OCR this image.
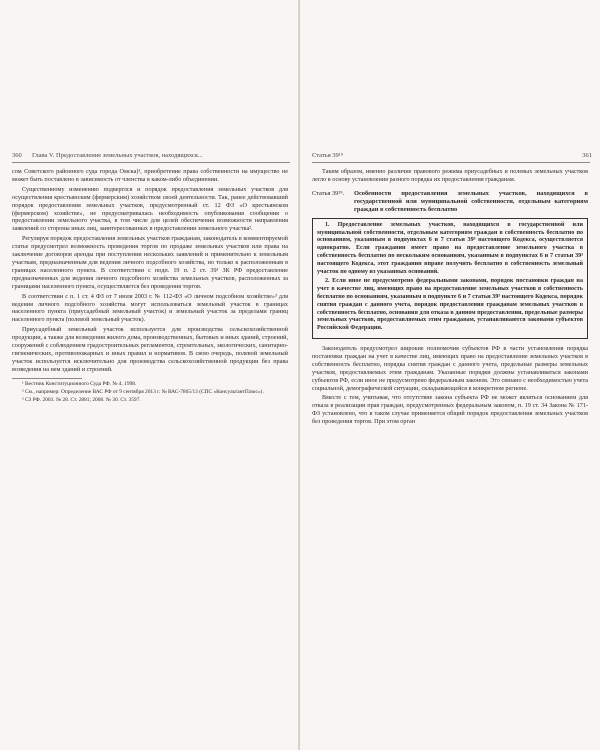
360 Глава V. Предоставление земельных участков, находящихся...

сом Советского районного суда города Омска)¹, приобретение права собственности на имущество не может быть поставлено в зависимость от членства в каком-либо объединении.

Существенному изменению подверглся и порядок предоставления земельных участков для осуществления крестьянским (фермерским) хозяйством своей деятельности. Так, ранее действовавший порядок предоставления земельных участков, предусмотренный ст. 12 ФЗ «О крестьянском (фермерском) хозяйстве», не предусматривалась необходимость опубликования сообщения о предоставлении земельного участка, в том числе для целей обеспечения возможности направления заявлений со стороны иных лиц, заинтересованных в предоставлении земельного участка².

Регулируя порядок предоставления земельных участков гражданам, законодатель в комментируемой статье предусмотрел возможность проведения торгов по продаже земельных участков или права на заключение договоров аренды при поступлении нескольких заявлений и применительно к земельным участкам, предназначенным для ведения личного подсобного хозяйства, но только к расположенным в границах населенного пункта. В соответствии с подп. 19 п. 2 ст. 39¹ ЗК РФ предоставление предназначенных для ведения личного подсобного хозяйства земельных участков, расположенных за границами населенного пункта, осуществляется без проведения торгов.

В соответствии с п. 1 ст. 4 ФЗ от 7 июля 2003 г. № 112-ФЗ «О личном подсобном хозяйстве»³ для ведения личного подсобного хозяйства могут использоваться земельный участок в границах населенного пункта (приусадебный земельный участок) и земельный участок за пределами границ населенного пункта (полевой земельный участок).

Приусадебный земельный участок используется для производства сельскохозяйственной продукции, а также для возведения жилого дома, производственных, бытовых и иных зданий, строений, сооружений с соблюдением градостроительных регламентов, строительных, экологических, санитарно-гигиенических, противопожарных и иных правил и нормативов. В свою очередь, полевой земельный участок используется исключительно для производства сельскохозяйственной продукции без права возведения на нем зданий и строений.

¹ Вестник Конституционного Суда РФ. № 4. 1998.

² См., например: Определение ВАС РФ от 9 сентября 2013 г. № ВАС-7865/13 (СПС «КонсультантПлюс»).

³ СЗ РФ. 2003. № 28. Ст. 2881; 2008. № 30. Ст. 3597.

Статья 39¹⁹	361

Таким образом, именно различие правового режима приусадебных и полевых земельных участков легло в основу установления разного порядка их предоставления гражданам.

Статья 39¹⁹.	Особенности предоставления земельных участков, находящихся в государственной или муниципальной собственности, отдельным категориям граждан в собственность бесплатно

1. Предоставление земельных участков, находящихся в государственной или муниципальной собственности, отдельным категориям граждан в собственность бесплатно по основаниям, указанным в подпунктах 6 и 7 статьи 39³ настоящего Кодекса, осуществляется однократно. Если гражданин имеет право на предоставление земельного участка в собственность бесплатно по нескольким основаниям, указанным в подпунктах 6 и 7 статьи 39³ настоящего Кодекса, этот гражданин вправе получить бесплатно в собственность земельный участок по одному из указанных оснований.

2. Если иное не предусмотрено федеральными законами, порядок постановки граждан на учет в качестве лиц, имеющих право на предоставление земельных участков в собственность бесплатно по основаниям, указанным в подпункте 6 и 7 статьи 39³ настоящего Кодекса, порядок снятия граждан с данного учета, порядок предоставления гражданам земельных участков в собственность бесплатно, основания для отказа в данном предоставлении, предельные размеры земельных участков, предоставляемых этим гражданам, устанавливаются законами субъектов Российской Федерации.

Законодатель предусмотрел широкие полномочия субъектов РФ в части установления порядка постановки граждан на учет в качестве лиц, имеющих право на предоставление земельных участков в собственность бесплатно, порядка снятия граждан с данного учета, предельные размеры земельных участков, предоставляемых этим гражданам. Указанные порядки должны устанавливаться законами субъектов РФ, если иное не предусмотрено федеральным законом. Это связано с необходимостью учета социальной, демографической ситуации, складывающейся в конкретном регионе.

Вместе с тем, учитывая, что отсутствие закона субъекта РФ не может являться основанием для отказа в реализации прав граждан, предусмотренных федеральным законом, п. 19 ст. 34 Закона № 171-ФЗ установлено, что в таком случае применяется общий порядок предоставления земельных участков без проведения торгов. При этом орган
